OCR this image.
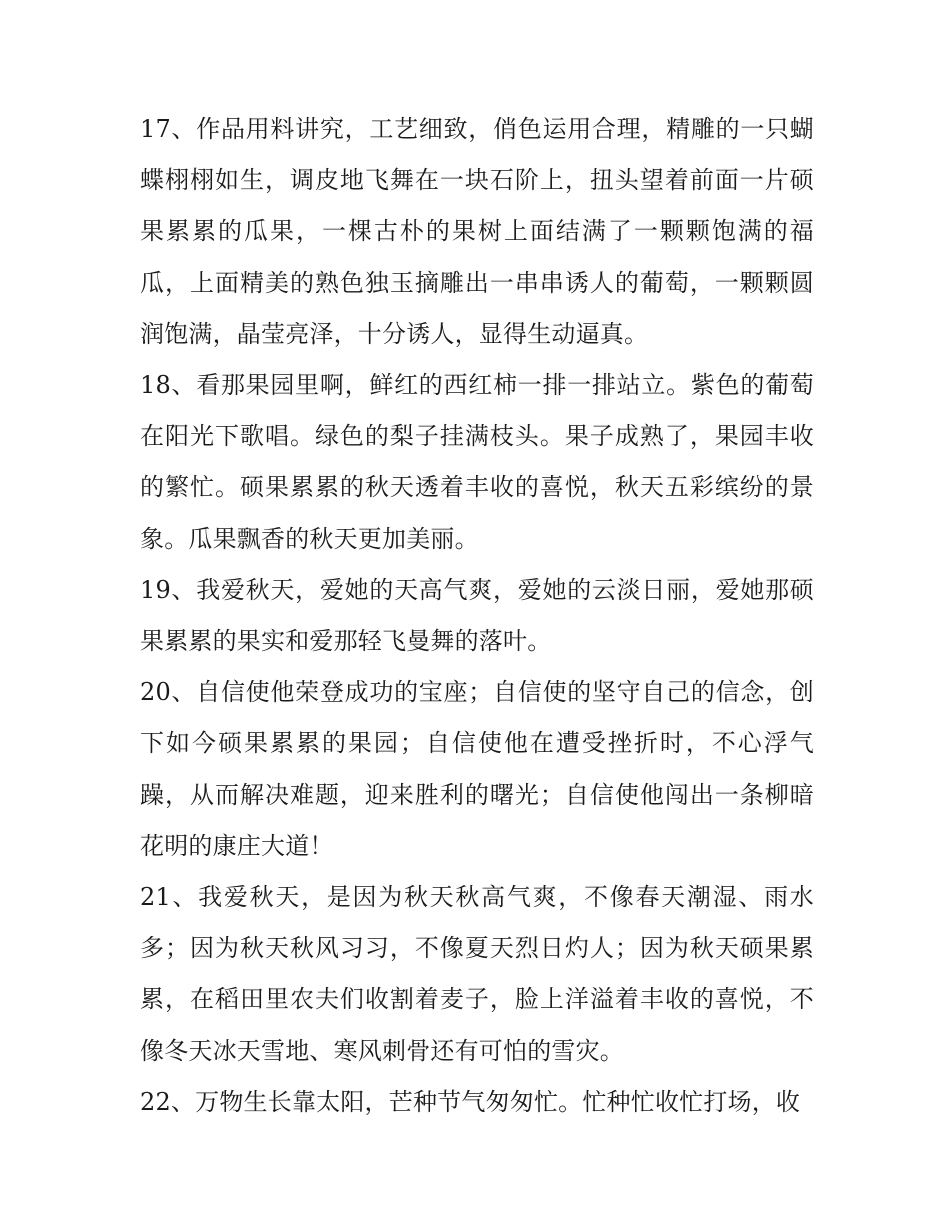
17、作品用料讲究，工艺细致，俏色运用合理，精雕的一只蝴蝶栩栩如生，调皮地飞舞在一块石阶上，扭头望着前面一片硕果累累的瓜果，一棵古朴的果树上面结满了一颗颗饱满的福瓜，上面精美的熟色独玉摘雕出一串串诱人的葡萄，一颗颗圆润饱满，晶莹亮泽，十分诱人，显得生动逼真。

18、看那果园里啊，鲜红的西红柿一排一排站立。紫色的葡萄在阳光下歌唱。绿色的梨子挂满枝头。果子成熟了，果园丰收的繁忙。硕果累累的秋天透着丰收的喜悦，秋天五彩缤纷的景象。瓜果飘香的秋天更加美丽。

19、我爱秋天，爱她的天高气爽，爱她的云淡日丽，爱她那硕果累累的果实和爱那轻飞曼舞的落叶。

20、自信使他荣登成功的宝座；自信使的坚守自己的信念，创下如今硕果累累的果园；自信使他在遭受挫折时，不心浮气躁，从而解决难题，迎来胜利的曙光；自信使他闯出一条柳暗花明的康庄大道！

21、我爱秋天，是因为秋天秋高气爽，不像春天潮湿、雨水多；因为秋天秋风习习，不像夏天烈日灼人；因为秋天硕果累累，在稻田里农夫们收割着麦子，脸上洋溢着丰收的喜悦，不像冬天冰天雪地、寒风刺骨还有可怕的雪灾。

22、万物生长靠太阳，芒种节气匆匆忙。忙种忙收忙打场，收
